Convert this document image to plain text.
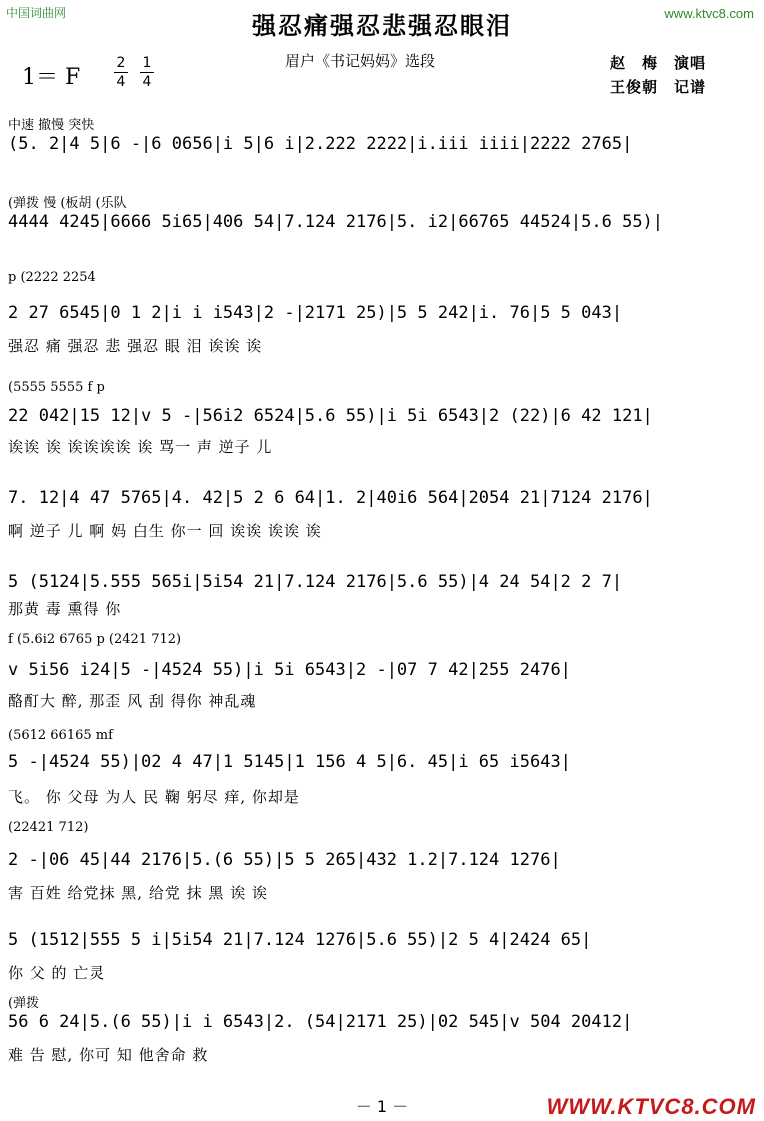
中国词曲网	www.ktvc8.com
强忍痛强忍悲强忍眼泪
1＝ F $\frac{2}{4} \frac{1}{4}$	眉户《书记妈妈》选段	赵　梅　演唱
王俊朝　记谱
中速 撤慢 突快
(5. 2|4 5|6 -|6 0656|i 5|6 i|2.222 2222|i.iii iiii|2222 2765|
(弹拨 慢 (板胡 (乐队
4444 4245|6666 5i65|406 54|7.124 2176|5. i2|66765 44524|5.6 55)|
p (2222 2254
2 27 6545|0 1 2|i i i543|2 -|2171 25)|5 5 242|i. 76|5 5 043|
强忍 痛 强忍 悲 强忍 眼 泪 诶诶 诶
(5555 5555 f p
22 042|15 12|v 5 -|56i2 6524|5.6 55)|i 5i 6543|2 (22)|6 42 121|
诶诶 诶 诶诶诶诶 诶 骂一 声 逆子 儿
7. 12|4 47 5765|4. 42|5 2 6 64|1. 2|40i6 564|2054 21|7124 2176|
啊 逆子 儿 啊 妈 白生 你一 回 诶诶 诶诶 诶
5 (5124|5.555 565i|5i54 21|7.124 2176|5.6 55)|4 24 54|2 2 7|
那黄 毒 熏得 你
f (5.6i2 6765 p (2421 712)
v 5i56 i24|5 -|4524 55)|i 5i 6543|2 -|07 7 42|255 2476|
酪酊大 醉, 那歪 风 刮 得你 神乱魂
(5612 66165 mf
5 -|4524 55)|02 4 47|1 5145|1 156 4 5|6. 45|i 65 i5643|
飞。 你 父母 为人 民 鞠 躬尽 痒, 你却是
(22421 712)
2 -|06 45|44 2176|5.(6 55)|5 5 265|432 1.2|7.124 1276|
害 百姓 给党抹 黑, 给党 抹 黑 诶 诶
5 (1512|555 5 i|5i54 21|7.124 1276|5.6 55)|2 5 4|2424 65|
你 父 的 亡灵
(弹拨
56 6 24|5.(6 55)|i i 6543|2. (54|2171 25)|02 545|v 504 20412|
难 告 慰, 你可 知 他舍命 救
－ 1 －	WWW.KTVC8.COM
